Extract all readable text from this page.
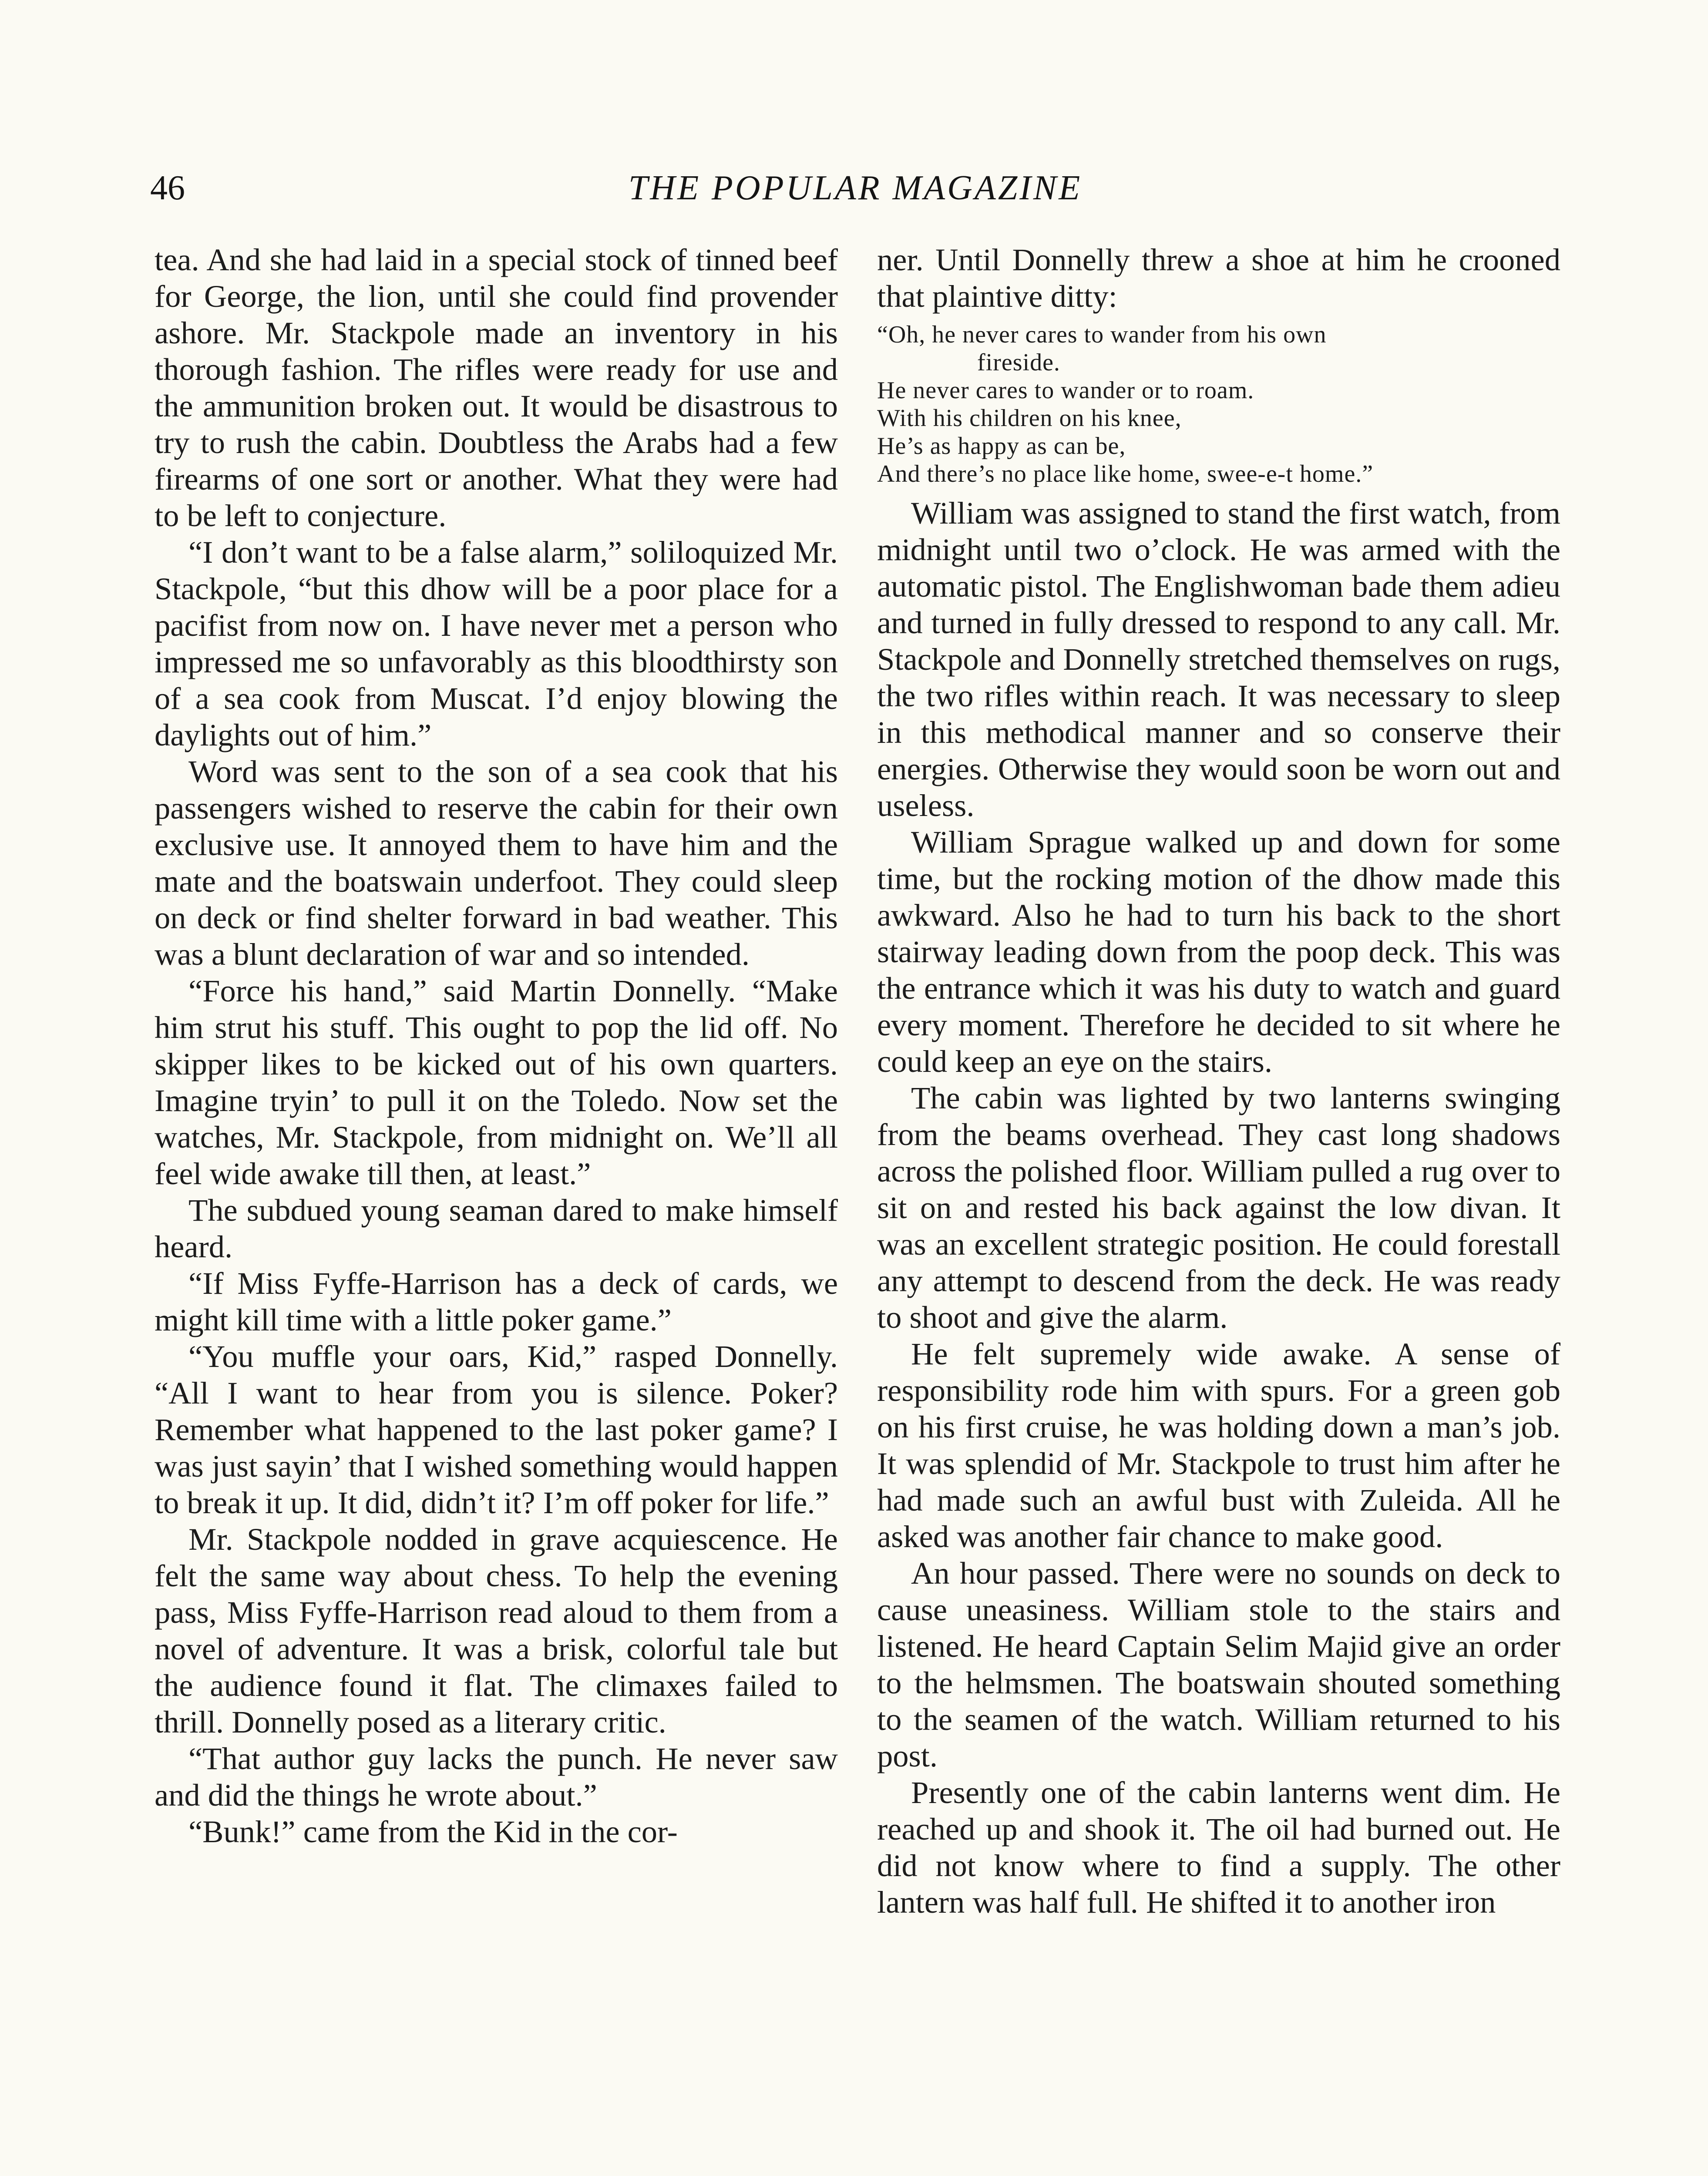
46	THE POPULAR MAGAZINE

tea. And she had laid in a special stock of tinned beef for George, the lion, until she could find provender ashore. Mr. Stackpole made an inventory in his thorough fashion. The rifles were ready for use and the ammunition broken out. It would be disastrous to try to rush the cabin. Doubtless the Arabs had a few firearms of one sort or another. What they were had to be left to conjecture.

“I don’t want to be a false alarm,” soliloquized Mr. Stackpole, “but this dhow will be a poor place for a pacifist from now on. I have never met a person who impressed me so unfavorably as this bloodthirsty son of a sea cook from Muscat. I’d enjoy blowing the daylights out of him.”

Word was sent to the son of a sea cook that his passengers wished to reserve the cabin for their own exclusive use. It annoyed them to have him and the mate and the boatswain underfoot. They could sleep on deck or find shelter forward in bad weather. This was a blunt declaration of war and so intended.

“Force his hand,” said Martin Donnelly. “Make him strut his stuff. This ought to pop the lid off. No skipper likes to be kicked out of his own quarters. Imagine tryin’ to pull it on the Toledo. Now set the watches, Mr. Stackpole, from midnight on. We’ll all feel wide awake till then, at least.”

The subdued young seaman dared to make himself heard.

“If Miss Fyffe-Harrison has a deck of cards, we might kill time with a little poker game.”

“You muffle your oars, Kid,” rasped Donnelly. “All I want to hear from you is silence. Poker? Remember what happened to the last poker game? I was just sayin’ that I wished something would happen to break it up. It did, didn’t it? I’m off poker for life.”

Mr. Stackpole nodded in grave acquiescence. He felt the same way about chess. To help the evening pass, Miss Fyffe-Harrison read aloud to them from a novel of adventure. It was a brisk, colorful tale but the audience found it flat. The climaxes failed to thrill. Donnelly posed as a literary critic.

“That author guy lacks the punch. He never saw and did the things he wrote about.”

“Bunk!” came from the Kid in the cor-

ner. Until Donnelly threw a shoe at him he crooned that plaintive ditty:

“Oh, he never cares to wander from his own
fireside.
He never cares to wander or to roam.
With his children on his knee,
He’s as happy as can be,
And there’s no place like home, swee-e-t home.”

William was assigned to stand the first watch, from midnight until two o’clock. He was armed with the automatic pistol. The Englishwoman bade them adieu and turned in fully dressed to respond to any call. Mr. Stackpole and Donnelly stretched themselves on rugs, the two rifles within reach. It was necessary to sleep in this methodical manner and so conserve their energies. Otherwise they would soon be worn out and useless.

William Sprague walked up and down for some time, but the rocking motion of the dhow made this awkward. Also he had to turn his back to the short stairway leading down from the poop deck. This was the entrance which it was his duty to watch and guard every moment. Therefore he decided to sit where he could keep an eye on the stairs.

The cabin was lighted by two lanterns swinging from the beams overhead. They cast long shadows across the polished floor. William pulled a rug over to sit on and rested his back against the low divan. It was an excellent strategic position. He could forestall any attempt to descend from the deck. He was ready to shoot and give the alarm.

He felt supremely wide awake. A sense of responsibility rode him with spurs. For a green gob on his first cruise, he was holding down a man’s job. It was splendid of Mr. Stackpole to trust him after he had made such an awful bust with Zuleida. All he asked was another fair chance to make good.

An hour passed. There were no sounds on deck to cause uneasiness. William stole to the stairs and listened. He heard Captain Selim Majid give an order to the helmsmen. The boatswain shouted something to the seamen of the watch. William returned to his post.

Presently one of the cabin lanterns went dim. He reached up and shook it. The oil had burned out. He did not know where to find a supply. The other lantern was half full. He shifted it to another iron
